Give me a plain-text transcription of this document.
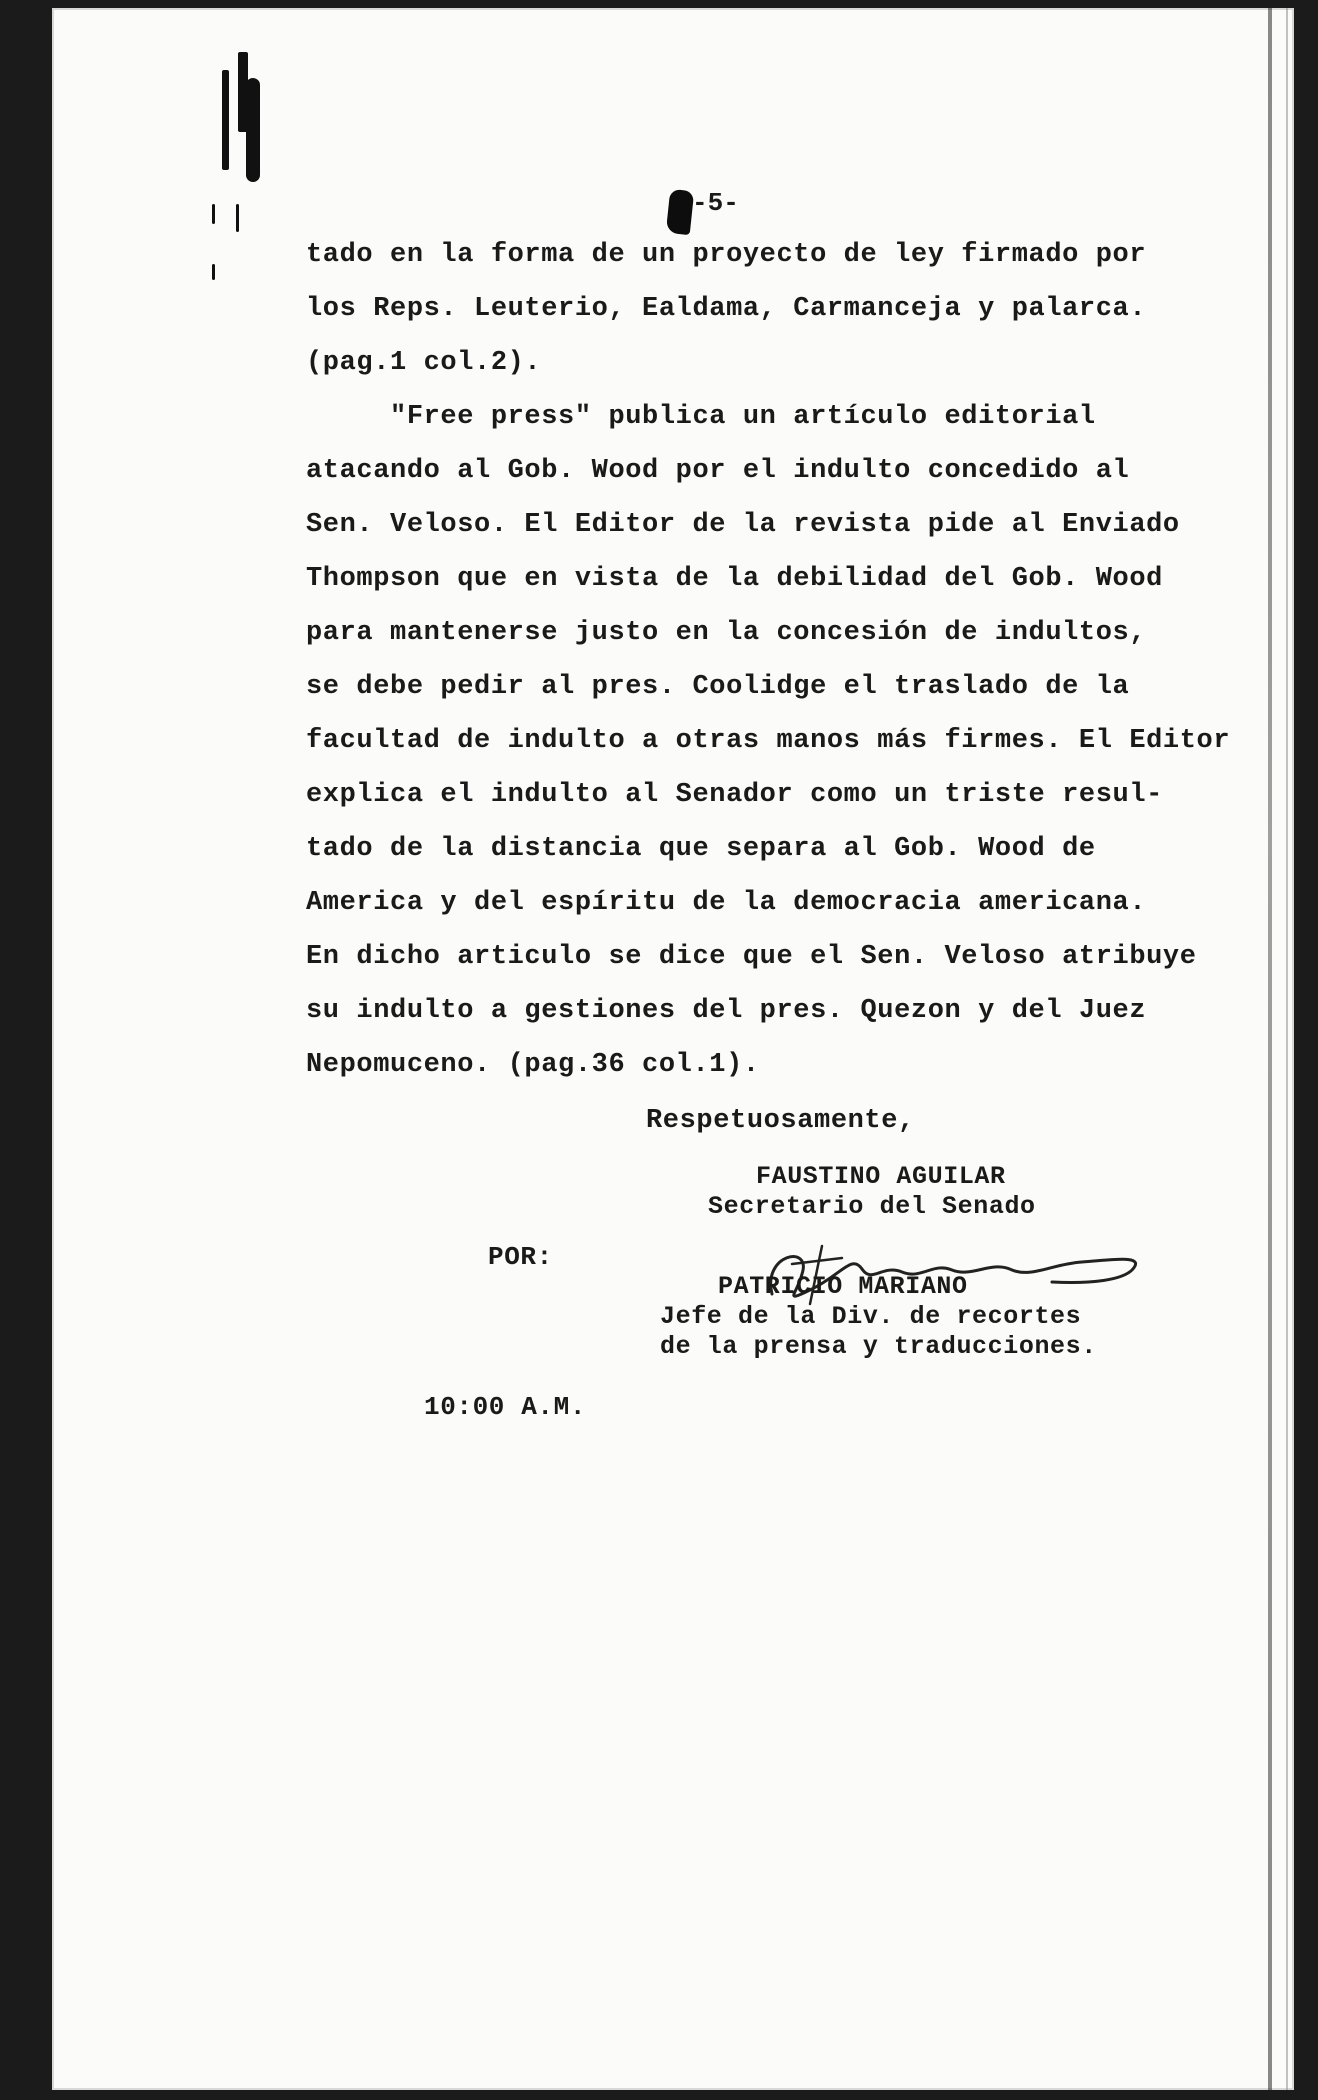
-5-
tado en la forma de un proyecto de ley firmado por
los Reps. Leuterio, Ealdama, Carmanceja y palarca.
(pag.1 col.2).
"Free press" publica un artículo editorial
atacando al Gob. Wood por el indulto concedido al
Sen. Veloso. El Editor de la revista pide al Enviado
Thompson que en vista de la debilidad del Gob. Wood
para mantenerse justo en la concesión de indultos,
se debe pedir al pres. Coolidge el traslado de la
facultad de indulto a otras manos más firmes. El Editor
explica el indulto al Senador como un triste resul-
tado de la distancia que separa al Gob. Wood de
America y del espíritu de la democracia americana.
En dicho articulo se dice que el Sen. Veloso atribuye
su indulto a gestiones del pres. Quezon y del Juez
Nepomuceno. (pag.36 col.1).
Respetuosamente,
FAUSTINO AGUILAR
Secretario del Senado
POR:
PATRICIO MARIANO
Jefe de la Div. de recortes
de la prensa y traducciones.
10:00 A.M.
